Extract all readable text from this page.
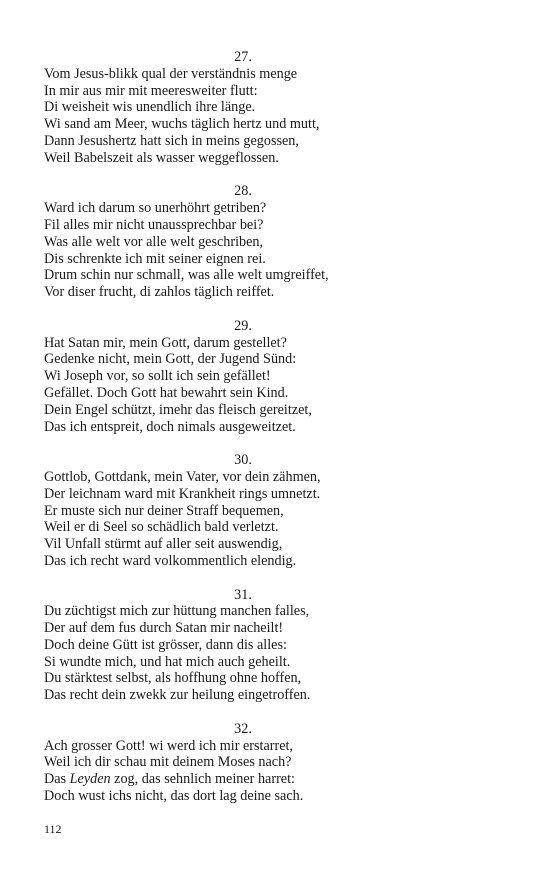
27.
Vom Jesus-blikk qual der verständnis menge
In mir aus mir mit meeresweiter flutt:
Di weisheit wis unendlich ihre länge.
Wi sand am Meer, wuchs täglich hertz und mutt,
Dann Jesushertz hatt sich in meins gegossen,
Weil Babelszeit als wasser weggeflossen.
28.
Ward ich darum so unerhöhrt getriben?
Fil alles mir nicht unaussprechbar bei?
Was alle welt vor alle welt geschriben,
Dis schrenkte ich mit seiner eignen rei.
Drum schin nur schmall, was alle welt umgreiffet,
Vor diser frucht, di zahlos täglich reiffet.
29.
Hat Satan mir, mein Gott, darum gestellet?
Gedenke nicht, mein Gott, der Jugend Sünd:
Wi Joseph vor, so sollt ich sein gefället!
Gefället. Doch Gott hat bewahrt sein Kind.
Dein Engel schützt, imehr das fleisch gereitzet,
Das ich entspreit, doch nimals ausgeweitzet.
30.
Gottlob, Gottdank, mein Vater, vor dein zähmen,
Der leichnam ward mit Krankheit rings umnetzt.
Er muste sich nur deiner Straff bequemen,
Weil er di Seel so schädlich bald verletzt.
Vil Unfall stürmt auf aller seit auswendig,
Das ich recht ward volkommentlich elendig.
31.
Du züchtigst mich zur hüttung manchen falles,
Der auf dem fus durch Satan mir nacheilt!
Doch deine Gütt ist grösser, dann dis alles:
Si wundte mich, und hat mich auch geheilt.
Du stärktest selbst, als hoffhung ohne hoffen,
Das recht dein zwekk zur heilung eingetroffen.
32.
Ach grosser Gott! wi werd ich mir erstarret,
Weil ich dir schau mit deinem Moses nach?
Das Leyden zog, das sehnlich meiner harret:
Doch wust ichs nicht, das dort lag deine sach.
112
